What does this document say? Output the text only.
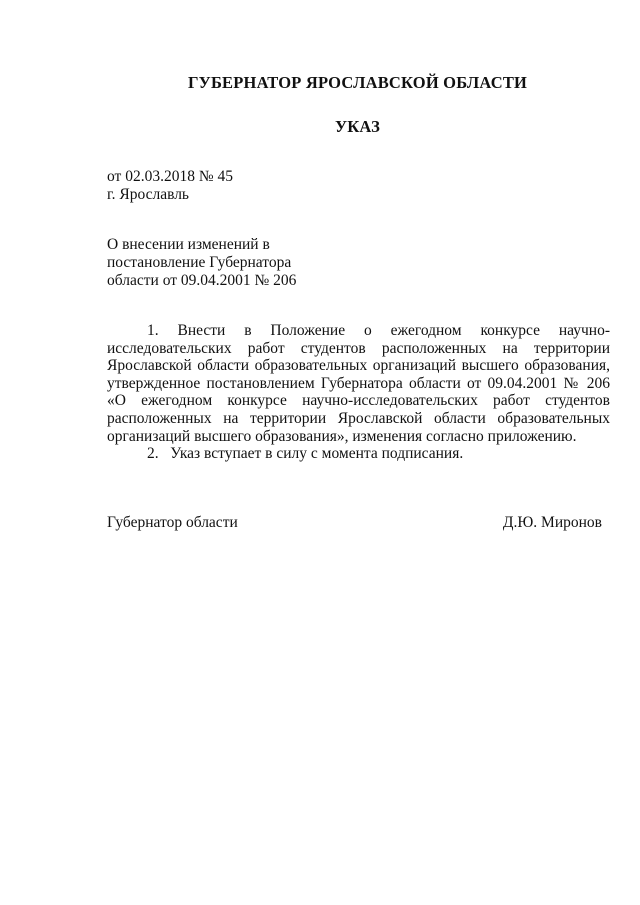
ГУБЕРНАТОР ЯРОСЛАВСКОЙ ОБЛАСТИ
УКАЗ
от 02.03.2018 № 45
г. Ярославль
О внесении изменений в
постановление Губернатора
области от 09.04.2001 № 206
1. Внести в Положение о ежегодном конкурсе научно-
исследовательских работ студентов расположенных на территории
Ярославской области образовательных организаций высшего образования,
утвержденное постановлением Губернатора области от 09.04.2001 № 206
«О ежегодном конкурсе научно-исследовательских работ студентов
расположенных на территории Ярославской области образовательных
организаций высшего образования», изменения согласно приложению.
2.   Указ вступает в силу с момента подписания.
Губернатор области	Д.Ю. Миронов
